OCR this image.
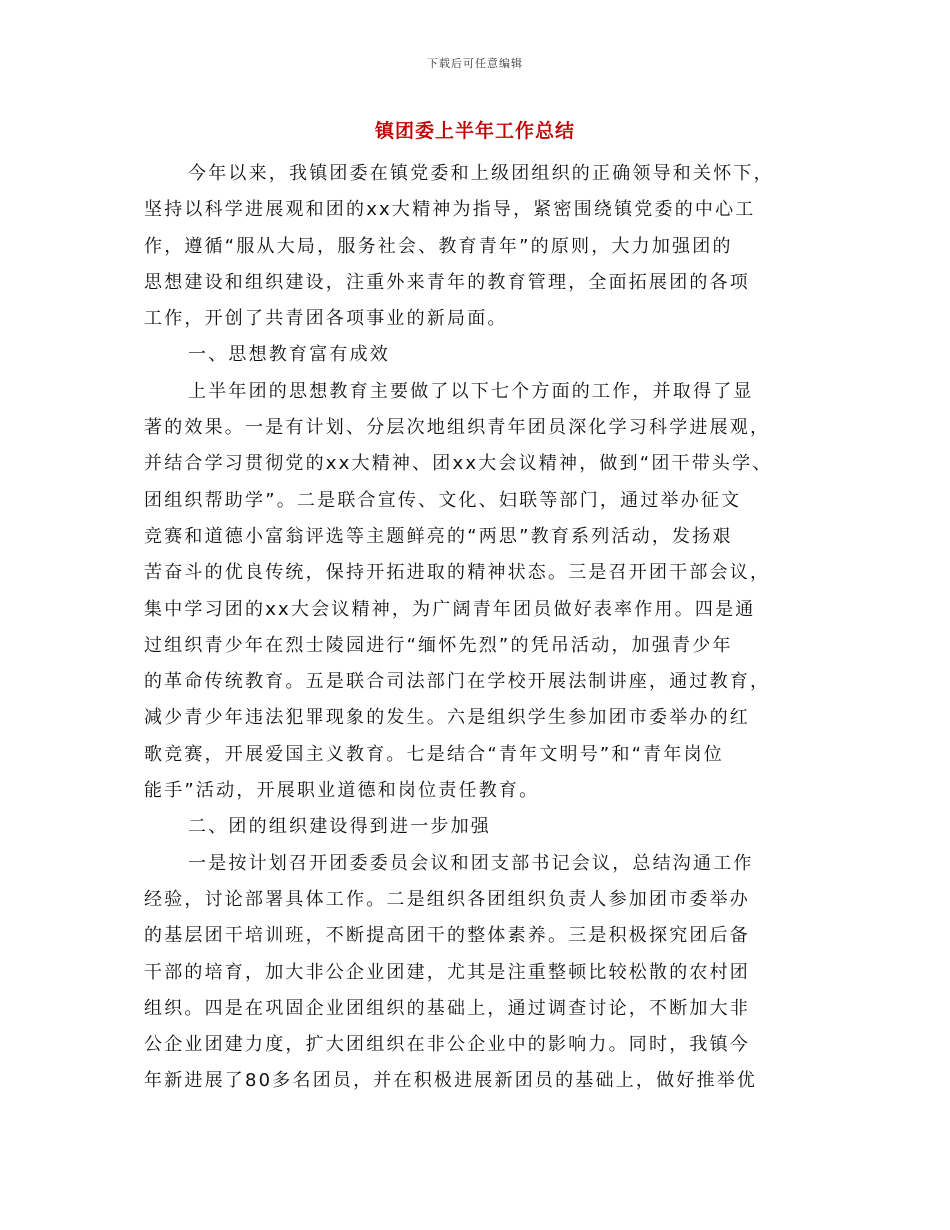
下载后可任意编辑
镇团委上半年工作总结
今年以来，我镇团委在镇党委和上级团组织的正确领导和关怀下，
坚持以科学进展观和团的xx大精神为指导，紧密围绕镇党委的中心工
作，遵循“服从大局，服务社会、教育青年”的原则，大力加强团的
思想建设和组织建设，注重外来青年的教育管理，全面拓展团的各项
工作，开创了共青团各项事业的新局面。
一、思想教育富有成效
上半年团的思想教育主要做了以下七个方面的工作，并取得了显
著的效果。一是有计划、分层次地组织青年团员深化学习科学进展观，
并结合学习贯彻党的xx大精神、团xx大会议精神，做到“团干带头学、
团组织帮助学”。二是联合宣传、文化、妇联等部门，通过举办征文
竞赛和道德小富翁评选等主题鲜亮的“两思”教育系列活动，发扬艰
苦奋斗的优良传统，保持开拓进取的精神状态。三是召开团干部会议，
集中学习团的xx大会议精神，为广阔青年团员做好表率作用。四是通
过组织青少年在烈士陵园进行“缅怀先烈”的凭吊活动，加强青少年
的革命传统教育。五是联合司法部门在学校开展法制讲座，通过教育，
减少青少年违法犯罪现象的发生。六是组织学生参加团市委举办的红
歌竞赛，开展爱国主义教育。七是结合“青年文明号”和“青年岗位
能手”活动，开展职业道德和岗位责任教育。
二、团的组织建设得到进一步加强
一是按计划召开团委委员会议和团支部书记会议，总结沟通工作
经验，讨论部署具体工作。二是组织各团组织负责人参加团市委举办
的基层团干培训班，不断提高团干的整体素养。三是积极探究团后备
干部的培育，加大非公企业团建，尤其是注重整顿比较松散的农村团
组织。四是在巩固企业团组织的基础上，通过调查讨论，不断加大非
公企业团建力度，扩大团组织在非公企业中的影响力。同时，我镇今
年新进展了80多名团员，并在积极进展新团员的基础上，做好推举优
